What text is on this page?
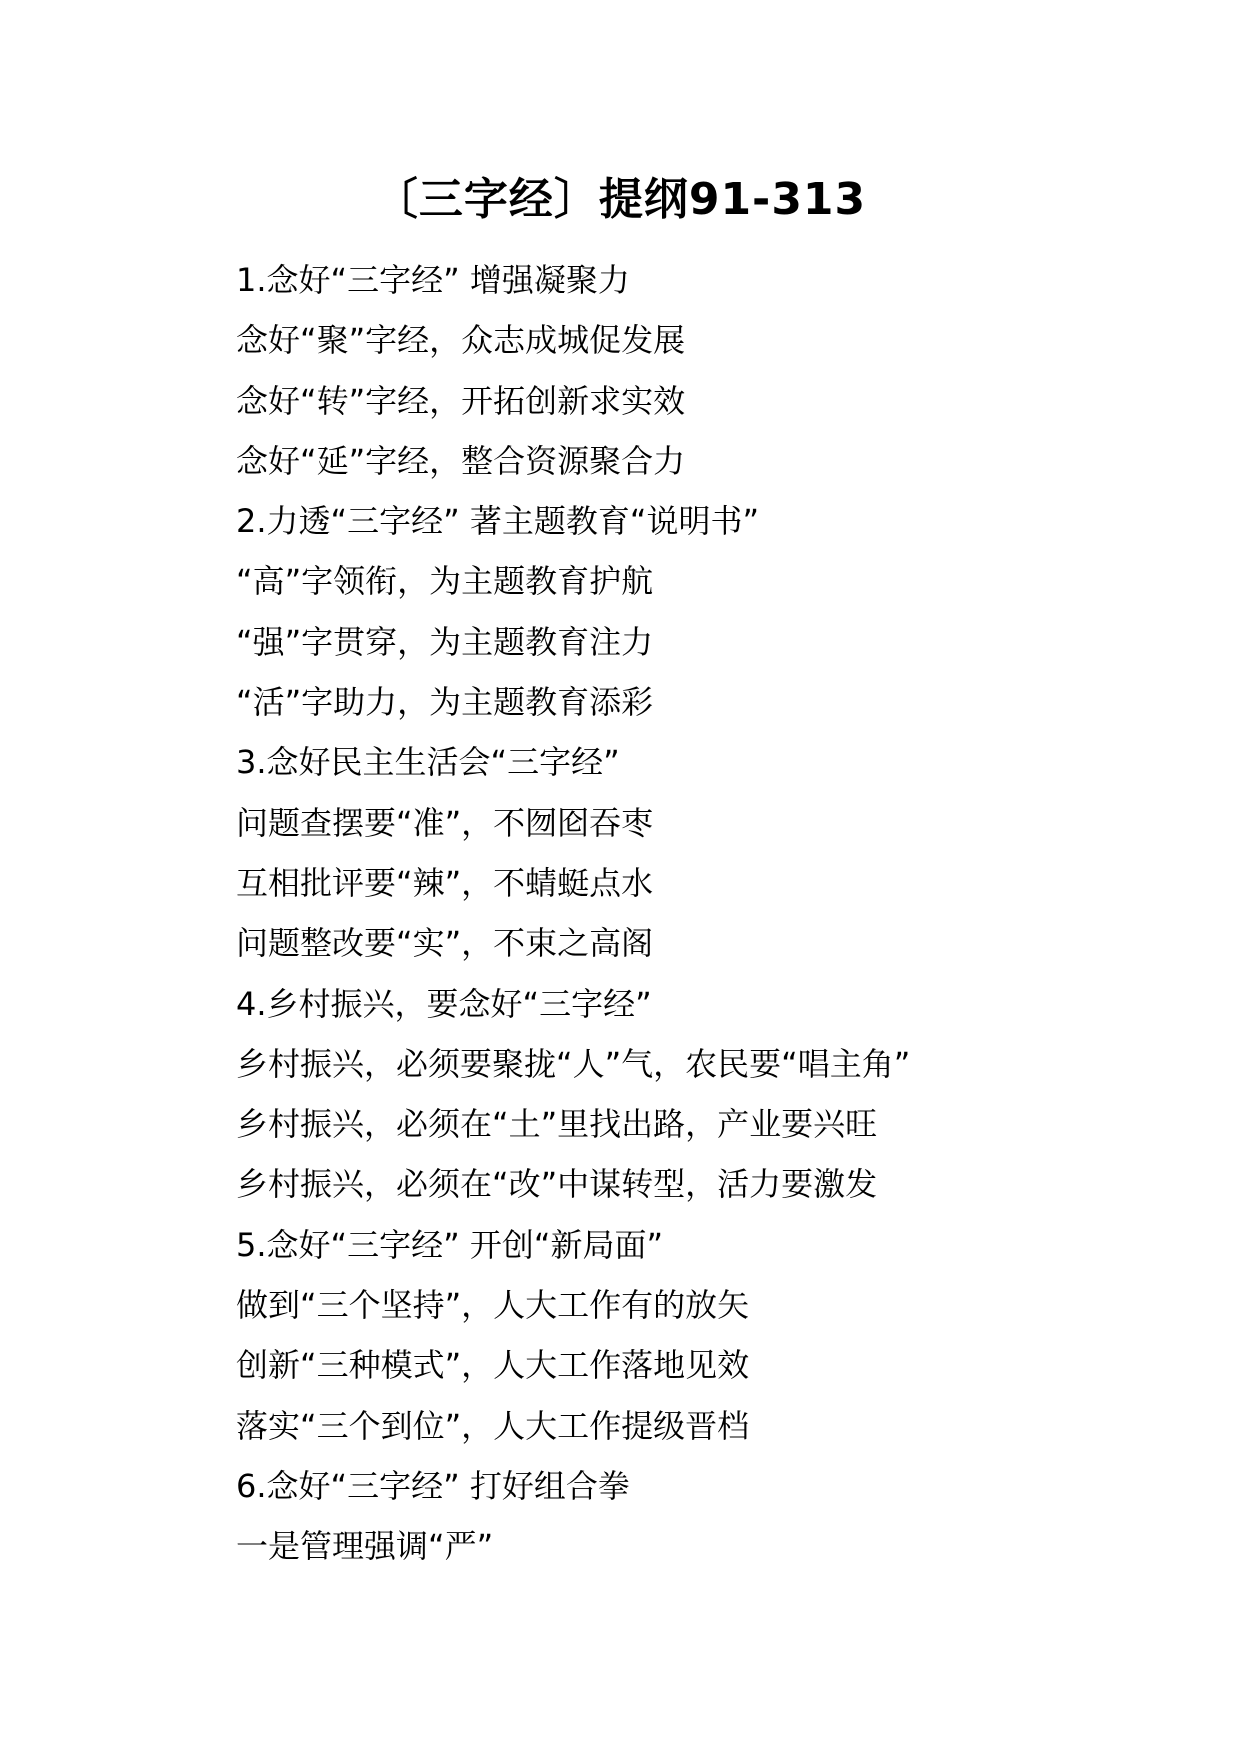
〔三字经〕提纲91-313
1.念好“三字经” 增强凝聚力
念好“聚”字经，众志成城促发展
念好“转”字经，开拓创新求实效
念好“延”字经，整合资源聚合力
2.力透“三字经” 著主题教育“说明书”
“高”字领衔，为主题教育护航
“强”字贯穿，为主题教育注力
“活”字助力，为主题教育添彩
3.念好民主生活会“三字经”
问题查摆要“准”，不囫囵吞枣
互相批评要“辣”，不蜻蜓点水
问题整改要“实”，不束之高阁
4.乡村振兴，要念好“三字经”
乡村振兴，必须要聚拢“人”气，农民要“唱主角”
乡村振兴，必须在“土”里找出路，产业要兴旺
乡村振兴，必须在“改”中谋转型，活力要激发
5.念好“三字经” 开创“新局面”
做到“三个坚持”，人大工作有的放矢
创新“三种模式”，人大工作落地见效
落实“三个到位”，人大工作提级晋档
6.念好“三字经” 打好组合拳
一是管理强调“严”
